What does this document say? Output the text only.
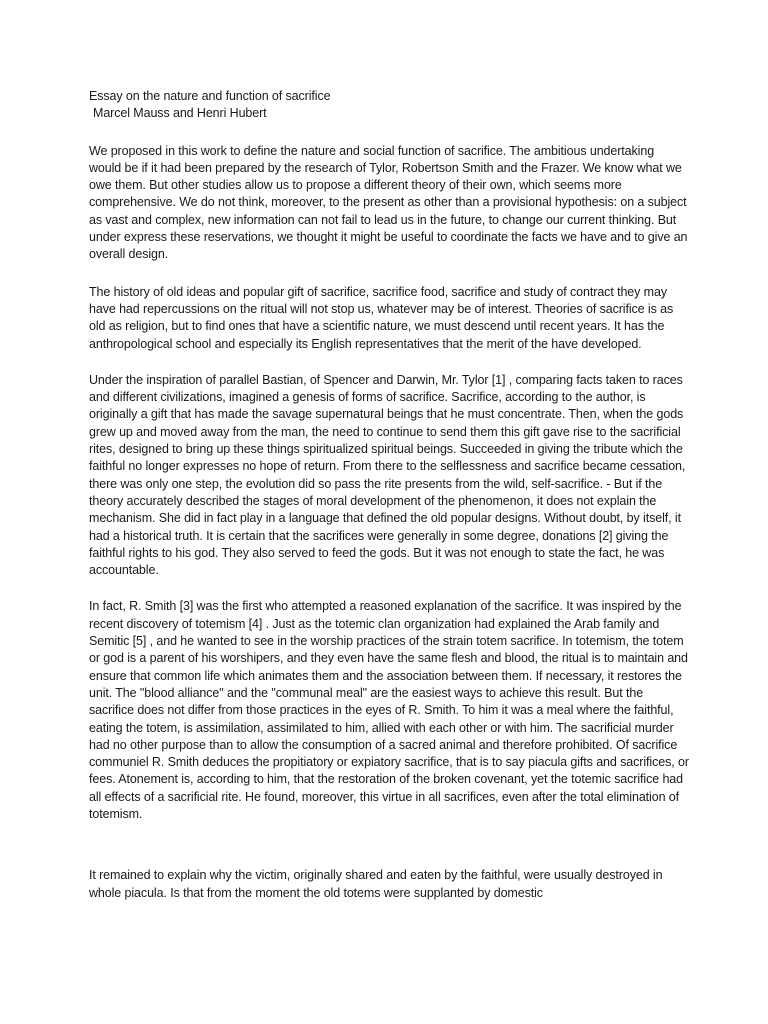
Essay on the nature and function of sacrifice

Marcel Mauss and Henri Hubert

We proposed in this work to define the nature and social function of sacrifice. The ambitious undertaking would be if it had been prepared by the research of Tylor, Robertson Smith and the Frazer. We know what we owe them. But other studies allow us to propose a different theory of their own, which seems more comprehensive. We do not think, moreover, to the present as other than a provisional hypothesis: on a subject as vast and complex, new information can not fail to lead us in the future, to change our current thinking. But under express these reservations, we thought it might be useful to coordinate the facts we have and to give an overall design.

The history of old ideas and popular gift of sacrifice, sacrifice food, sacrifice and study of contract they may have had repercussions on the ritual will not stop us, whatever may be of interest. Theories of sacrifice is as old as religion, but to find ones that have a scientific nature, we must descend until recent years. It has the anthropological school and especially its English representatives that the merit of the have developed.

Under the inspiration of parallel Bastian, of Spencer and Darwin, Mr. Tylor [1] , comparing facts taken to races and different civilizations, imagined a genesis of forms of sacrifice. Sacrifice, according to the author, is originally a gift that has made the savage supernatural beings that he must concentrate. Then, when the gods grew up and moved away from the man, the need to continue to send them this gift gave rise to the sacrificial rites, designed to bring up these things spiritualized spiritual beings. Succeeded in giving the tribute which the faithful no longer expresses no hope of return. From there to the selflessness and sacrifice became cessation, there was only one step, the evolution did so pass the rite presents from the wild, self-sacrifice. - But if the theory accurately described the stages of moral development of the phenomenon, it does not explain the mechanism. She did in fact play in a language that defined the old popular designs. Without doubt, by itself, it had a historical truth. It is certain that the sacrifices were generally in some degree, donations [2] giving the faithful rights to his god. They also served to feed the gods. But it was not enough to state the fact, he was accountable.

In fact, R. Smith [3] was the first who attempted a reasoned explanation of the sacrifice. It was inspired by the recent discovery of totemism [4] . Just as the totemic clan organization had explained the Arab family and Semitic [5] , and he wanted to see in the worship practices of the strain totem sacrifice. In totemism, the totem or god is a parent of his worshipers, and they even have the same flesh and blood, the ritual is to maintain and ensure that common life which animates them and the association between them. If necessary, it restores the unit. The "blood alliance" and the "communal meal" are the easiest ways to achieve this result. But the sacrifice does not differ from those practices in the eyes of R. Smith. To him it was a meal where the faithful, eating the totem, is assimilation, assimilated to him, allied with each other or with him. The sacrificial murder had no other purpose than to allow the consumption of a sacred animal and therefore prohibited. Of sacrifice communiel R. Smith deduces the propitiatory or expiatory sacrifice, that is to say piacula gifts and sacrifices, or fees. Atonement is, according to him, that the restoration of the broken covenant, yet the totemic sacrifice had all effects of a sacrificial rite. He found, moreover, this virtue in all sacrifices, even after the total elimination of totemism.

It remained to explain why the victim, originally shared and eaten by the faithful, were usually destroyed in whole piacula. Is that from the moment the old totems were supplanted by domestic
